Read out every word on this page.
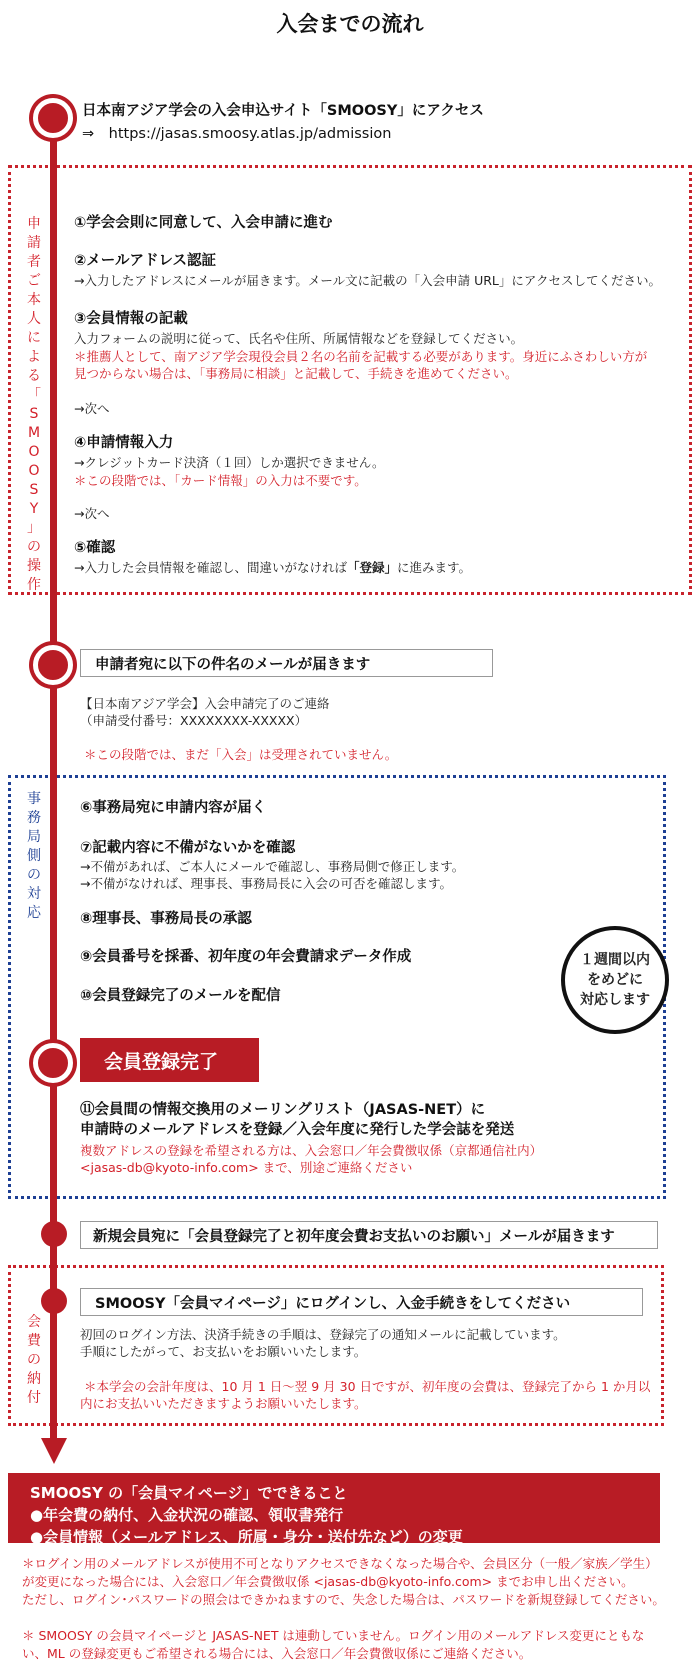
入会までの流れ
日本南アジア学会の入会申込サイト「SMOOSY」にアクセス
⇒　https://jasas.smoosy.atlas.jp/admission
申
請
者
ご
本
人
に
よ
る
「
S
M
O
O
S
Y
」
の
操
作
①学会会則に同意して、入会申請に進む
②メールアドレス認証
→入力したアドレスにメールが届きます。メール文に記載の「入会申請 URL」にアクセスしてください。
③会員情報の記載
入力フォームの説明に従って、氏名や住所、所属情報などを登録してください。
＊推薦人として、南アジア学会現役会員２名の名前を記載する必要があります。身近にふさわしい方が
見つからない場合は、「事務局に相談」と記載して、手続きを進めてください。
→次へ
④申請情報入力
→クレジットカード決済（１回）しか選択できません。
＊この段階では、「カード情報」の入力は不要です。
→次へ
⑤確認
→入力した会員情報を確認し、間違いがなければ「登録」に進みます。
申請者宛に以下の件名のメールが届きます
【日本南アジア学会】入会申請完了のご連絡
（申請受付番号：XXXXXXXX-XXXXX）
＊この段階では、まだ「入会」は受理されていません。
事
務
局
側
の
対
応
⑥事務局宛に申請内容が届く
⑦記載内容に不備がないかを確認
→不備があれば、ご本人にメールで確認し、事務局側で修正します。
→不備がなければ、理事長、事務局長に入会の可否を確認します。
⑧理事長、事務局長の承認
⑨会員番号を採番、初年度の年会費請求データ作成
⑩会員登録完了のメールを配信
１週間以内
をめどに
対応します
会員登録完了
⑪会員間の情報交換用のメーリングリスト（JASAS-NET）に
申請時のメールアドレスを登録／入会年度に発行した学会誌を発送
複数アドレスの登録を希望される方は、入会窓口／年会費徴収係（京都通信社内）
<jasas-db@kyoto-info.com> まで、別途ご連絡ください
新規会員宛に「会員登録完了と初年度会費お支払いのお願い」メールが届きます
会
費
の
納
付
SMOOSY「会員マイページ」にログインし、入金手続きをしてください
初回のログイン方法、決済手続きの手順は、登録完了の通知メールに記載しています。
手順にしたがって、お支払いをお願いいたします。
＊本学会の会計年度は、10 月 1 日～翌 9 月 30 日ですが、初年度の会費は、登録完了から 1 か月以
内にお支払いいただきますようお願いいたします。
SMOOSY の「会員マイページ」でできること
●年会費の納付、入金状況の確認、領収書発行
●会員情報（メールアドレス、所属・身分・送付先など）の変更
＊ログイン用のメールアドレスが使用不可となりアクセスできなくなった場合や、会員区分（一般／家族／学生）
が変更になった場合には、入会窓口／年会費徴収係 <jasas-db@kyoto-info.com> までお申し出ください。
ただし、ログイン･パスワードの照会はできかねますので、失念した場合は、パスワードを新規登録してください。
＊ SMOOSY の会員マイページと JASAS-NET は連動していません。ログイン用のメールアドレス変更にともな
い、ML の登録変更もご希望される場合には、入会窓口／年会費徴収係にご連絡ください。
